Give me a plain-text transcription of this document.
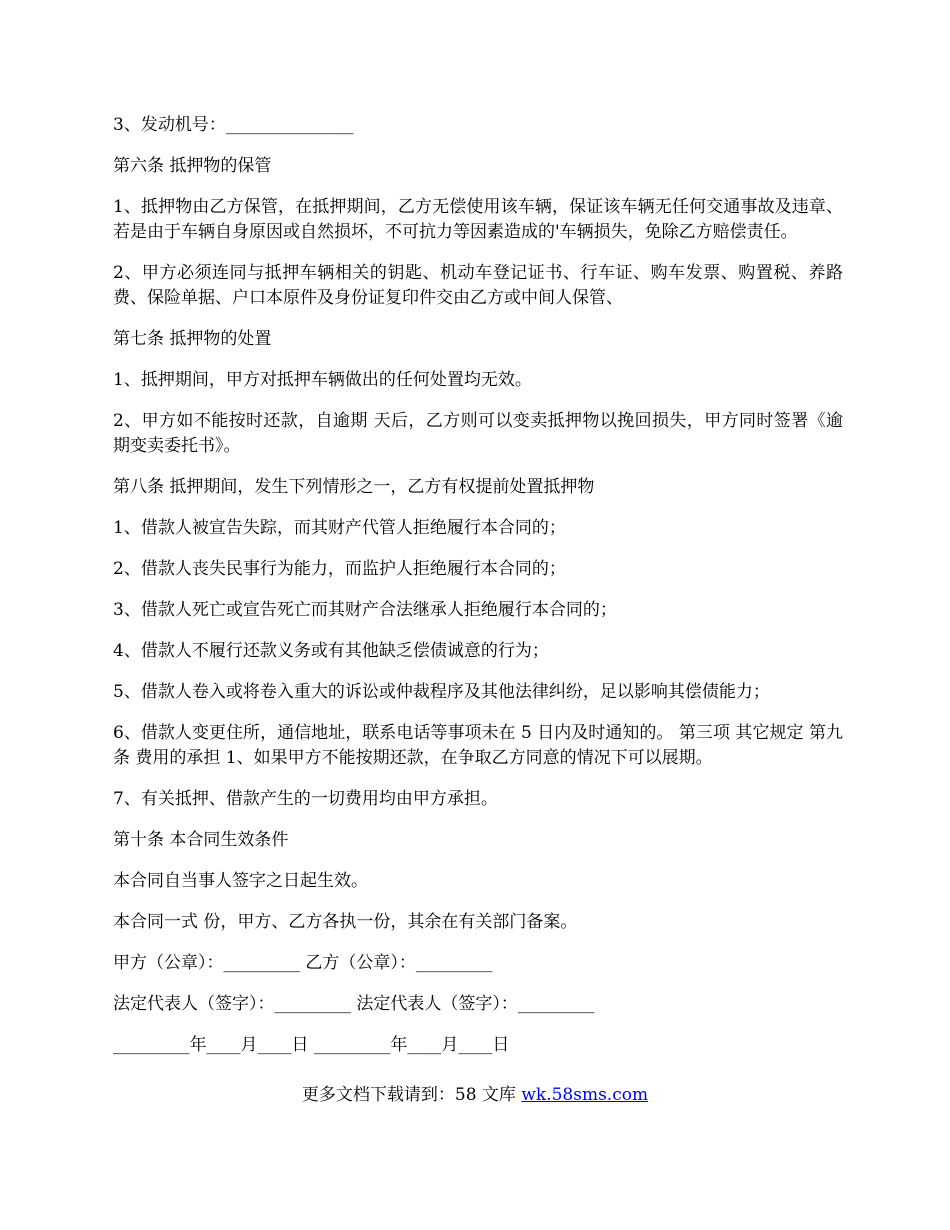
3、发动机号：_______________

第六条 抵押物的保管

1、抵押物由乙方保管，在抵押期间，乙方无偿使用该车辆，保证该车辆无任何交通事故及违章、若是由于车辆自身原因或自然损坏，不可抗力等因素造成的'车辆损失，免除乙方赔偿责任。

2、甲方必须连同与抵押车辆相关的钥匙、机动车登记证书、行车证、购车发票、购置税、养路费、保险单据、户口本原件及身份证复印件交由乙方或中间人保管、

第七条 抵押物的处置

1、抵押期间，甲方对抵押车辆做出的任何处置均无效。

2、甲方如不能按时还款，自逾期 天后，乙方则可以变卖抵押物以挽回损失，甲方同时签署《逾期变卖委托书》。

第八条 抵押期间，发生下列情形之一，乙方有权提前处置抵押物

1、借款人被宣告失踪，而其财产代管人拒绝履行本合同的；

2、借款人丧失民事行为能力，而监护人拒绝履行本合同的；

3、借款人死亡或宣告死亡而其财产合法继承人拒绝履行本合同的；

4、借款人不履行还款义务或有其他缺乏偿债诚意的行为；

5、借款人卷入或将卷入重大的诉讼或仲裁程序及其他法律纠纷，足以影响其偿债能力；

6、借款人变更住所，通信地址，联系电话等事项未在 5 日内及时通知的。 第三项 其它规定 第九条 费用的承担 1、如果甲方不能按期还款，在争取乙方同意的情况下可以展期。

7、有关抵押、借款产生的一切费用均由甲方承担。

第十条 本合同生效条件

本合同自当事人签字之日起生效。

本合同一式 份，甲方、乙方各执一份，其余在有关部门备案。

甲方（公章）：_________ 乙方（公章）：_________

法定代表人（签字）：_________ 法定代表人（签字）：_________

_________年____月____日 _________年____月____日

更多文档下载请到：58 文库 wk.58sms.com
